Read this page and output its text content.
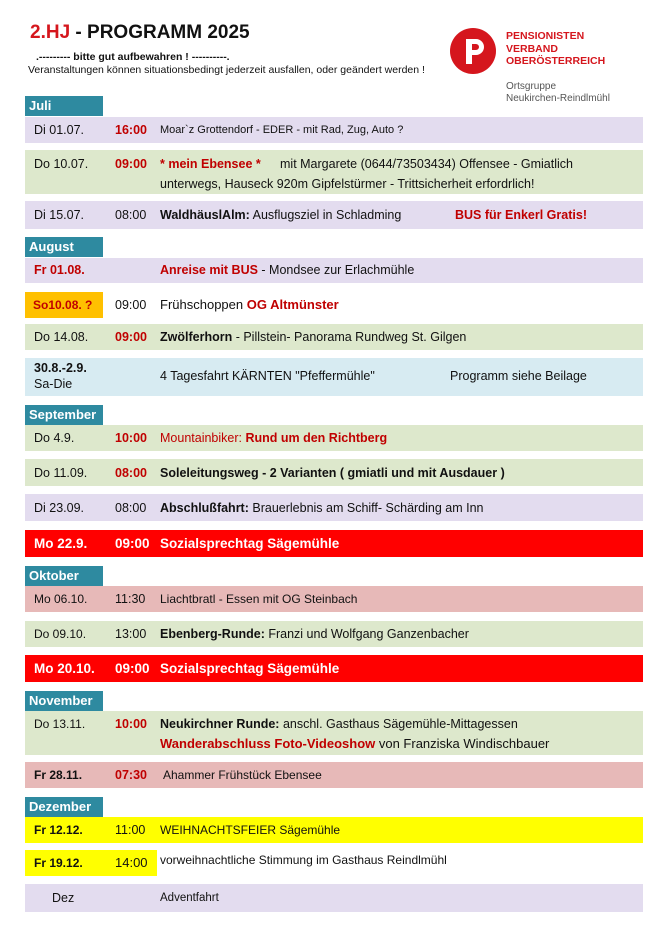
2.HJ - PROGRAMM 2025
.--------- bitte gut aufbewahren ! ----------.
Veranstaltungen können situationsbedingt jederzeit ausfallen, oder geändert werden !
PENSIONISTEN
VERBAND
OBERÖSTERREICH
Ortsgruppe
Neukirchen-Reindlmühl
Juli
Di 01.07. 16:00 Moar`z Grottendorf - EDER - mit Rad, Zug, Auto ?
Do 10.07. 09:00 * mein Ebensee * mit Margarete (0644/73503434) Offensee - Gmiatlich
unterwegs, Hauseck 920m Gipfelstürmer - Trittsicherheit erfordrlich!
Di 15.07. 08:00 WaldhäuslAlm: Ausflugsziel in Schladming	BUS für Enkerl Gratis!
August
Fr 01.08.	Anreise mit BUS - Mondsee zur Erlachmühle
So10.08. ? 09:00 Frühschoppen OG Altmünster
Do 14.08. 09:00 Zwölferhorn - Pillstein- Panorama Rundweg St. Gilgen
30.8.-2.9.
Sa-Die
4 Tagesfahrt KÄRNTEN "Pfeffermühle"	Programm siehe Beilage
September
Do 4.9.	10:00 Mountainbiker: Rund um den Richtberg
Do 11.09. 08:00 Soleleitungsweg - 2 Varianten ( gmiatli und mit Ausdauer )
Di 23.09. 08:00 Abschlußfahrt: Brauerlebnis am Schiff- Schärding am Inn
Mo 22.9. 09:00 Sozialsprechtag Sägemühle
Oktober
Mo 06.10. 11:30 Liachtbratl - Essen mit OG Steinbach
Do 09.10. 13:00 Ebenberg-Runde: Franzi und Wolfgang Ganzenbacher
Mo 20.10. 09:00 Sozialsprechtag Sägemühle
November
Do 13.11. 10:00 Neukirchner Runde: anschl. Gasthaus Sägemühle-Mittagessen
Wanderabschluss Foto-Videoshow von Franziska Windischbauer
Fr 28.11.	07:30 Ahammer Frühstück Ebensee
Dezember
Fr 12.12.	11:00 WEIHNACHTSFEIER Sägemühle
Fr 19.12. 14:00 vorweihnachtliche Stimmung im Gasthaus Reindlmühl
Dez	Adventfahrt
